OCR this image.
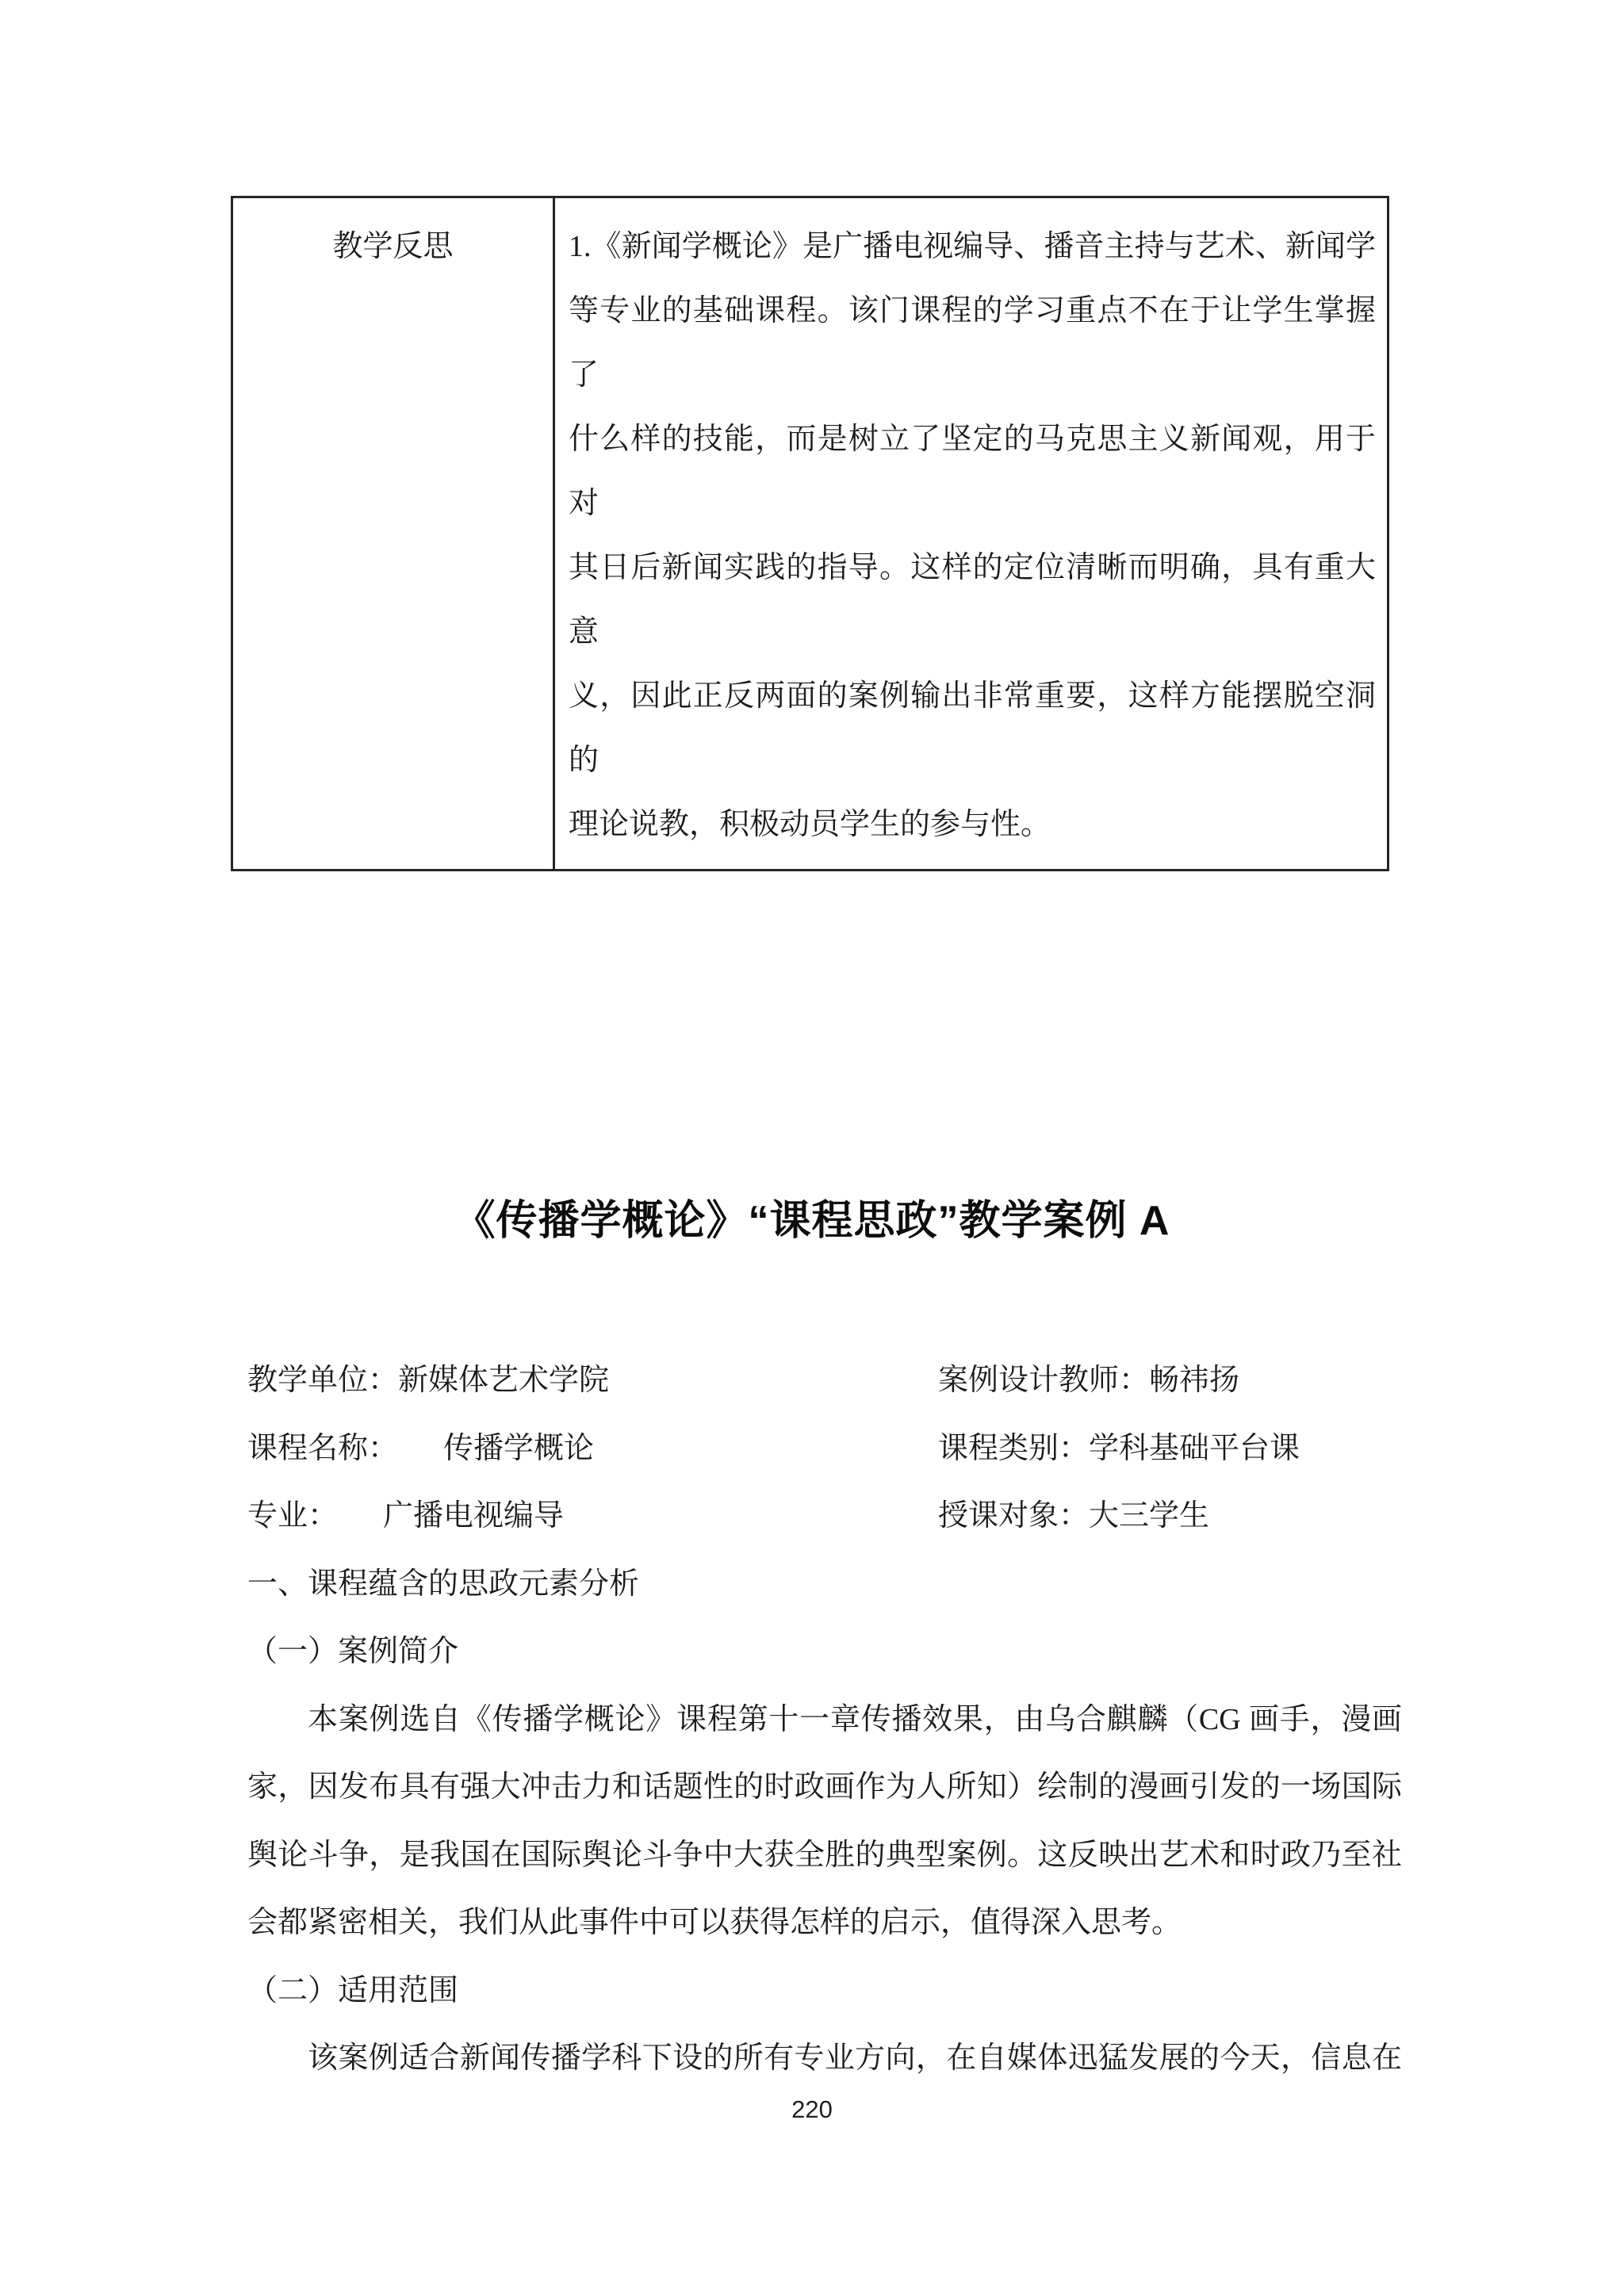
教学反思	1.《新闻学概论》是广播电视编导、播音主持与艺术、新闻学
等专业的基础课程。该门课程的学习重点不在于让学生掌握了
什么样的技能，而是树立了坚定的马克思主义新闻观，用于对
其日后新闻实践的指导。这样的定位清晰而明确，具有重大意
义，因此正反两面的案例输出非常重要，这样方能摆脱空洞的
理论说教，积极动员学生的参与性。
《传播学概论》“课程思政”教学案例 A
教学单位：新媒体艺术学院	案例设计教师：畅祎扬
课程名称：　　传播学概论	课程类别：学科基础平台课
专业：　　广播电视编导	授课对象：大三学生
一、课程蕴含的思政元素分析
（一）案例简介
本案例选自《传播学概论》课程第十一章传播效果，由乌合麒麟（CG 画手，漫画
家，因发布具有强大冲击力和话题性的时政画作为人所知）绘制的漫画引发的一场国际
舆论斗争，是我国在国际舆论斗争中大获全胜的典型案例。这反映出艺术和时政乃至社
会都紧密相关，我们从此事件中可以获得怎样的启示，值得深入思考。
（二）适用范围
该案例适合新闻传播学科下设的所有专业方向，在自媒体迅猛发展的今天，信息在
220
